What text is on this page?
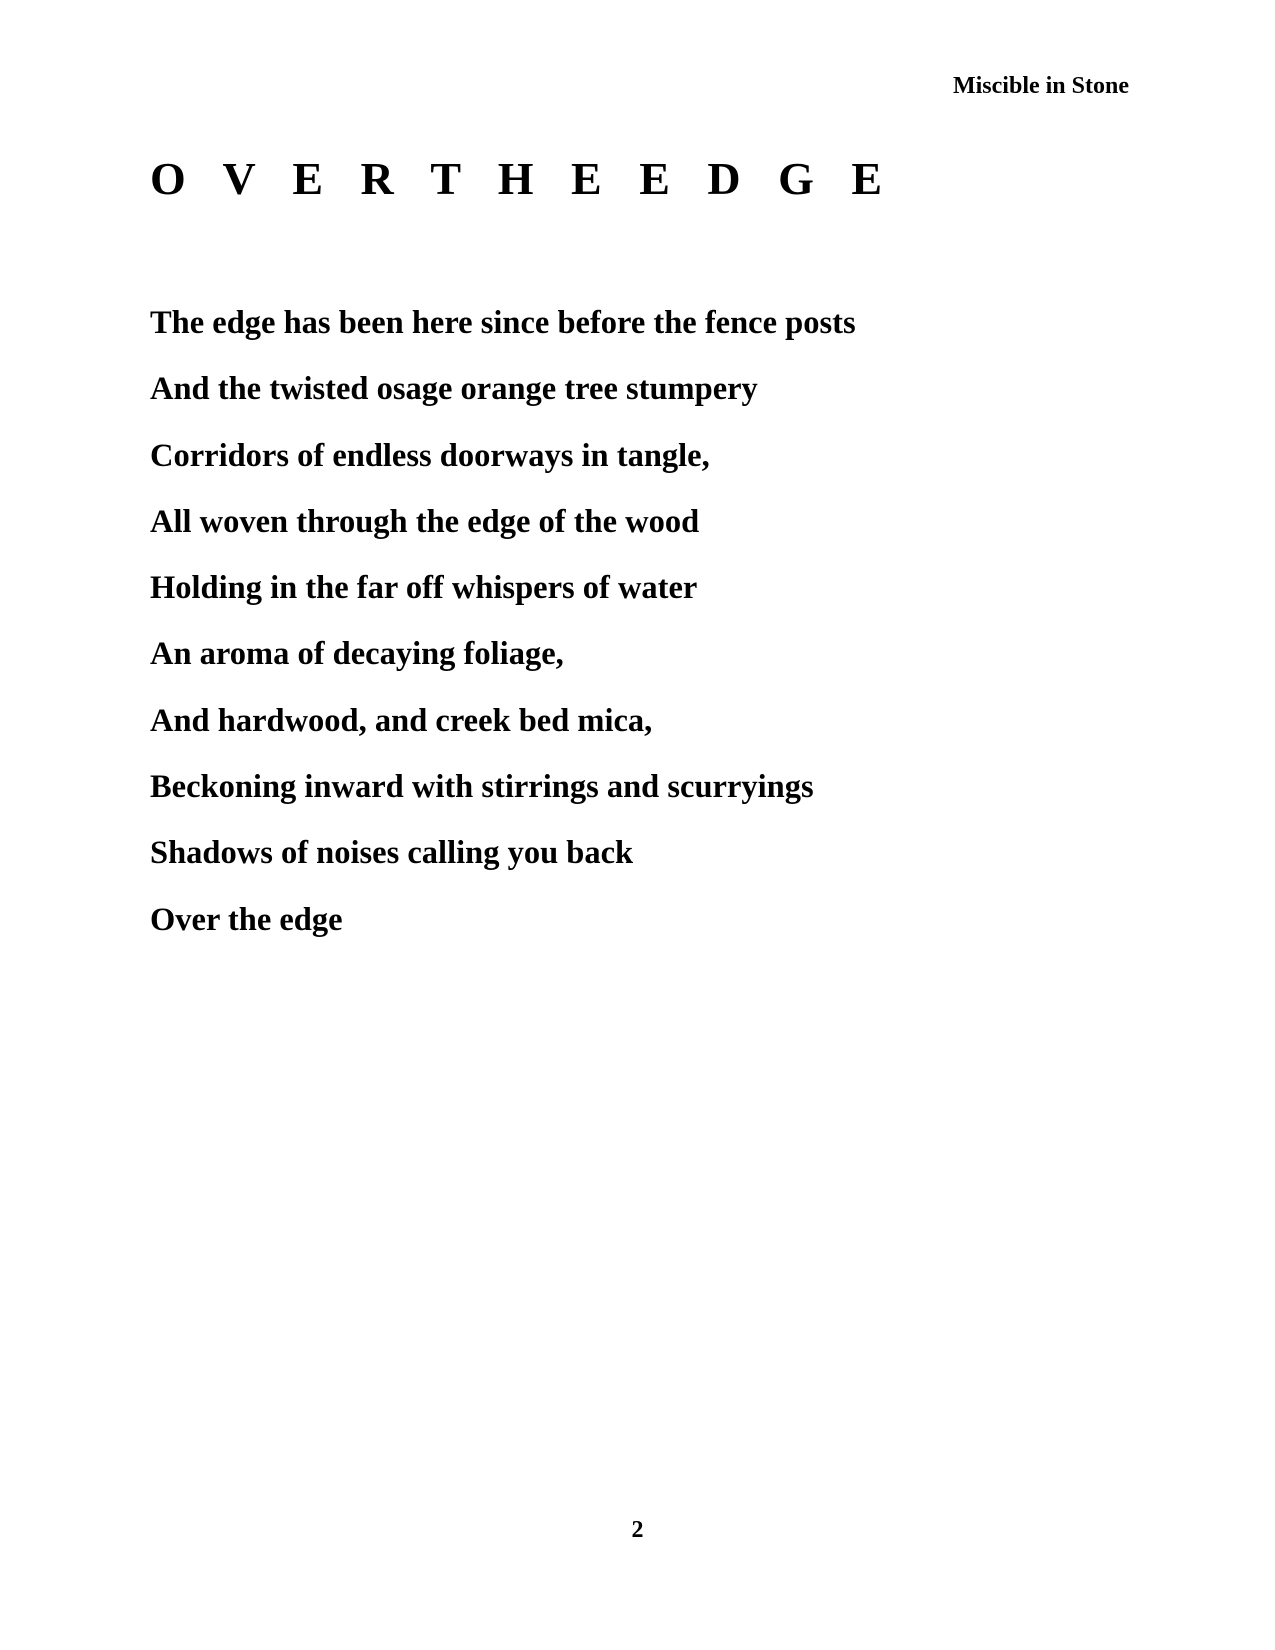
Miscible in Stone
O V E R T H E E D G E
The edge has been here since before the fence posts
And the twisted osage orange tree stumpery
Corridors of endless doorways in tangle,
All woven through the edge of the wood
Holding in the far off whispers of water
An aroma of decaying foliage,
And hardwood, and creek bed mica,
Beckoning inward with stirrings and scurryings
Shadows of noises calling you back
Over the edge
2
